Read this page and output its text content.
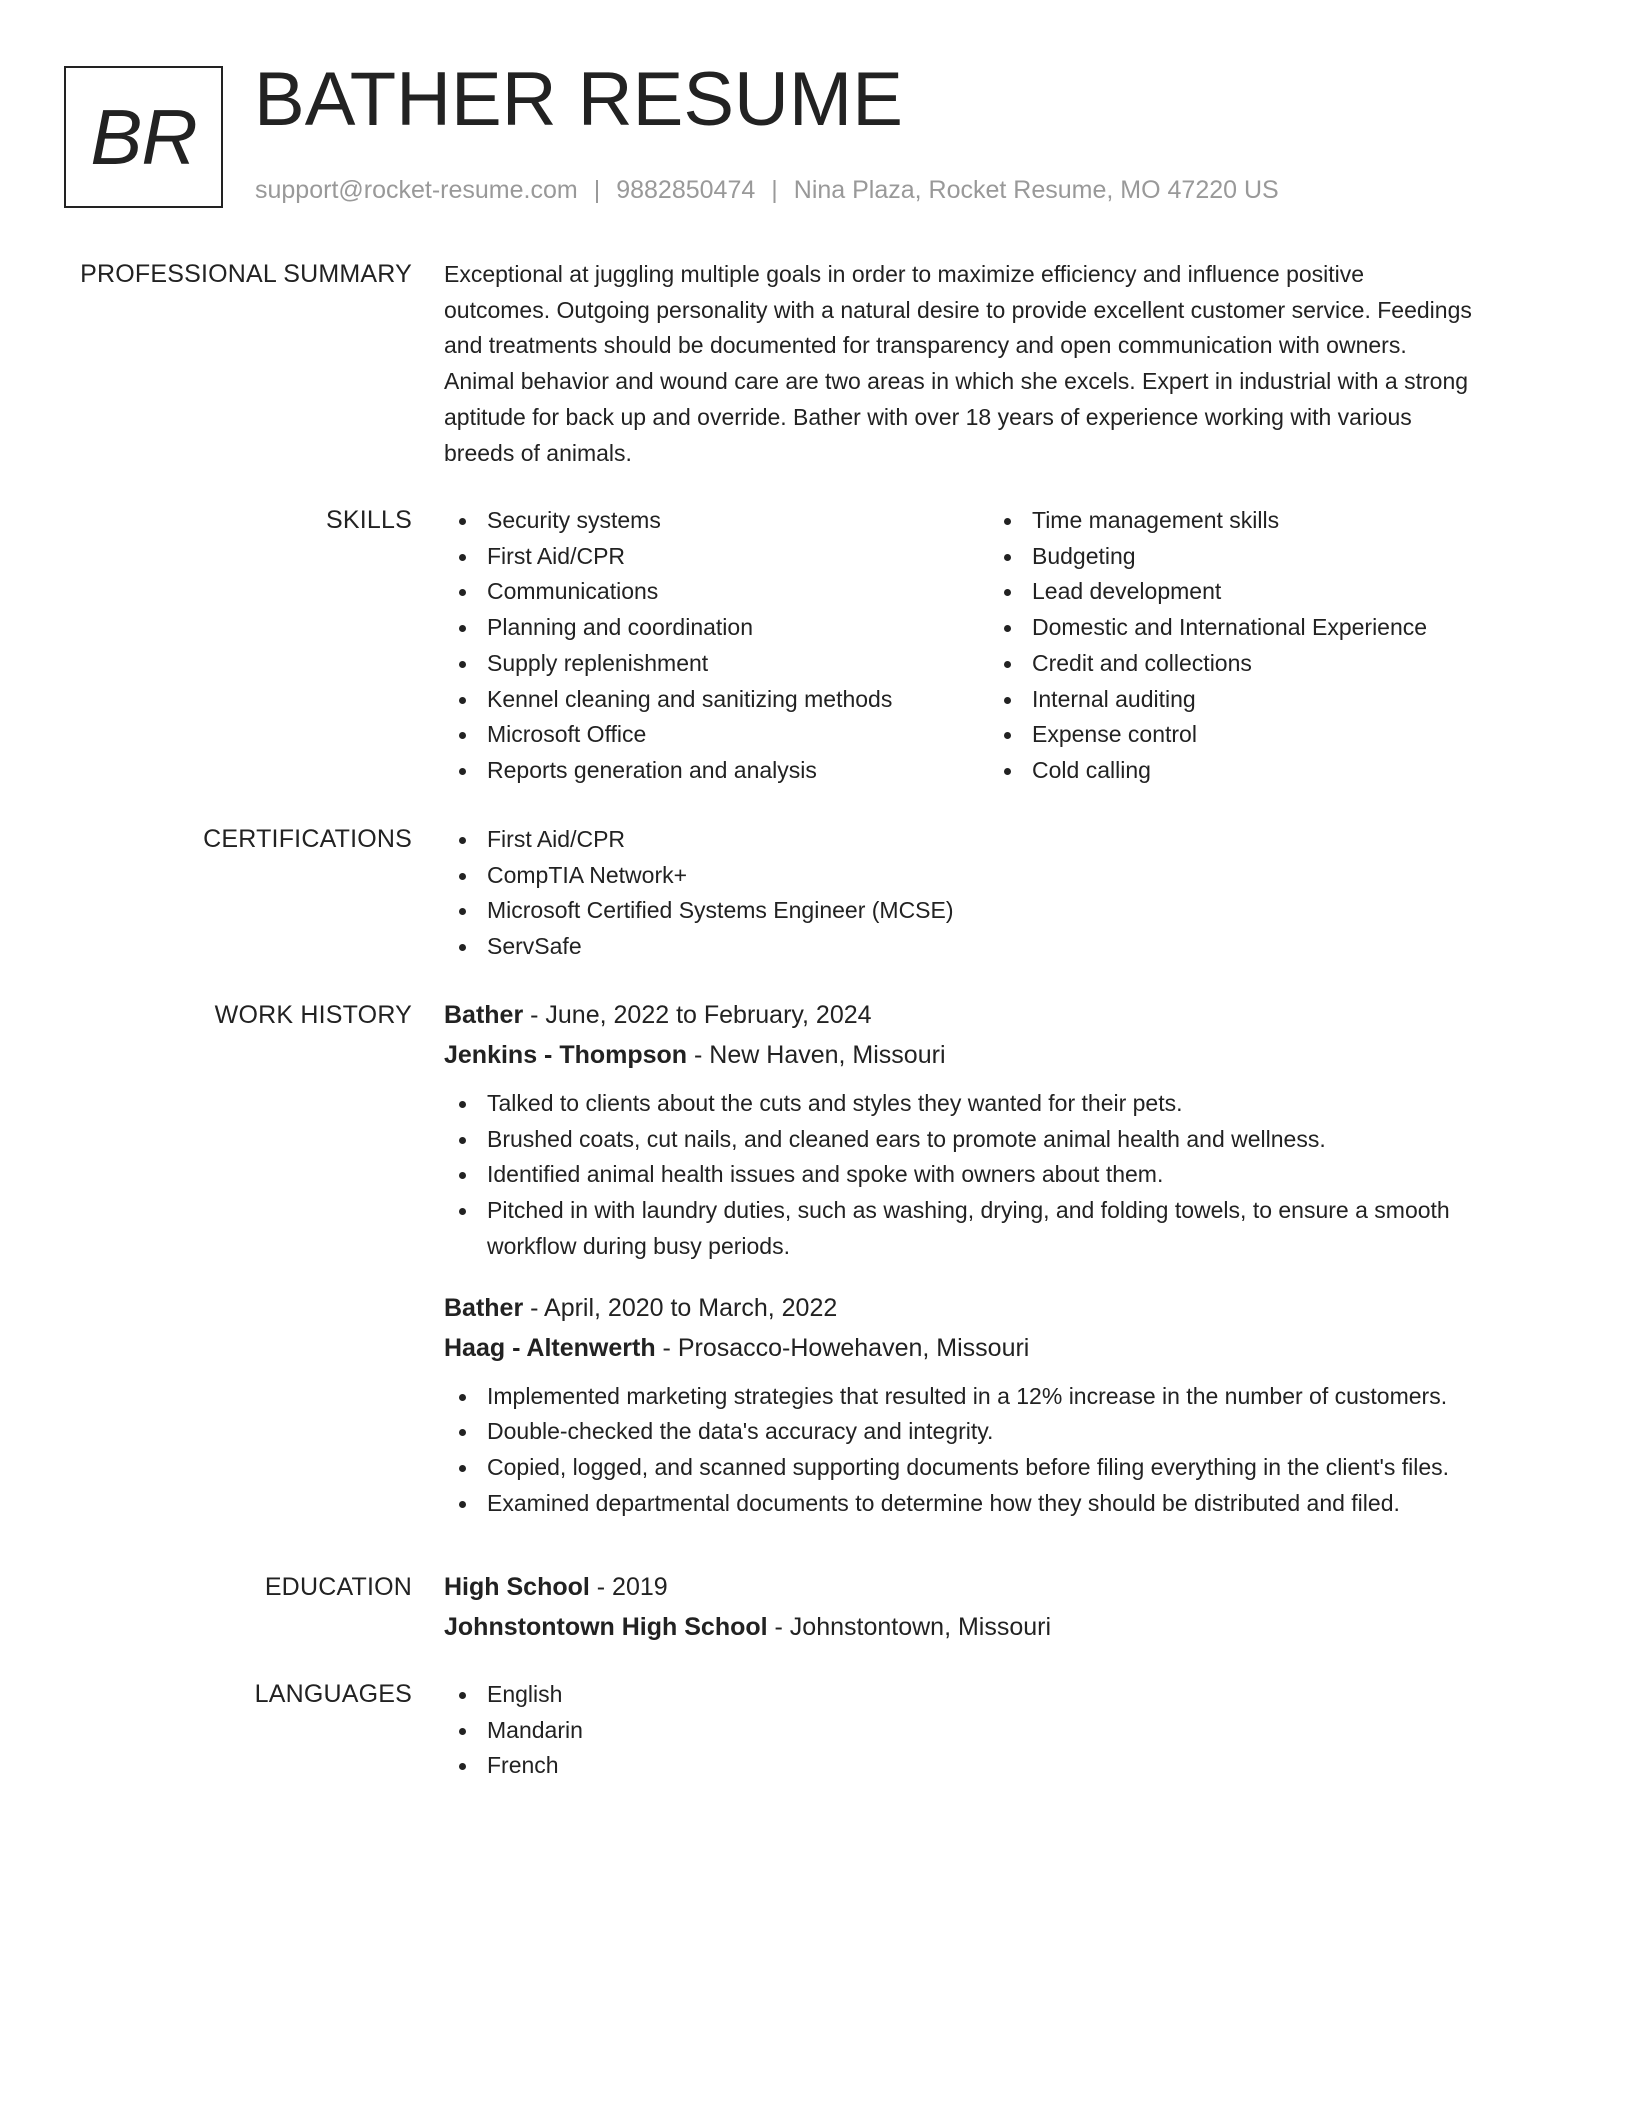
BR BATHER RESUME
support@rocket-resume.com | 9882850474 | Nina Plaza, Rocket Resume, MO 47220 US
PROFESSIONAL SUMMARY Exceptional at juggling multiple goals in order to maximize efficiency and influence positive
outcomes. Outgoing personality with a natural desire to provide excellent customer service. Feedings
and treatments should be documented for transparency and open communication with owners.
Animal behavior and wound care are two areas in which she excels. Expert in industrial with a strong
aptitude for back up and override. Bather with over 18 years of experience working with various
breeds of animals.
SKILLS	Security systems
First Aid/CPR
Communications
Planning and coordination
Supply replenishment
Kennel cleaning and sanitizing methods
Microsoft Office
Reports generation and analysis
Time management skills
Budgeting
Lead development
Domestic and International Experience
Credit and collections
Internal auditing
Expense control
Cold calling
CERTIFICATIONS	First Aid/CPR
CompTIA Network+
Microsoft Certified Systems Engineer (MCSE)
ServSafe
WORK HISTORY Bather - June, 2022 to February, 2024
Jenkins - Thompson - New Haven, Missouri
Talked to clients about the cuts and styles they wanted for their pets.
Brushed coats, cut nails, and cleaned ears to promote animal health and wellness.
Identified animal health issues and spoke with owners about them.
Pitched in with laundry duties, such as washing, drying, and folding towels, to ensure a smooth
workflow during busy periods.
Bather - April, 2020 to March, 2022
Haag - Altenwerth - Prosacco-Howehaven, Missouri
Implemented marketing strategies that resulted in a 12% increase in the number of customers.
Double-checked the data's accuracy and integrity.
Copied, logged, and scanned supporting documents before filing everything in the client's files.
Examined departmental documents to determine how they should be distributed and filed.
EDUCATION High School - 2019
Johnstontown High School - Johnstontown, Missouri
LANGUAGES	English
Mandarin
French
